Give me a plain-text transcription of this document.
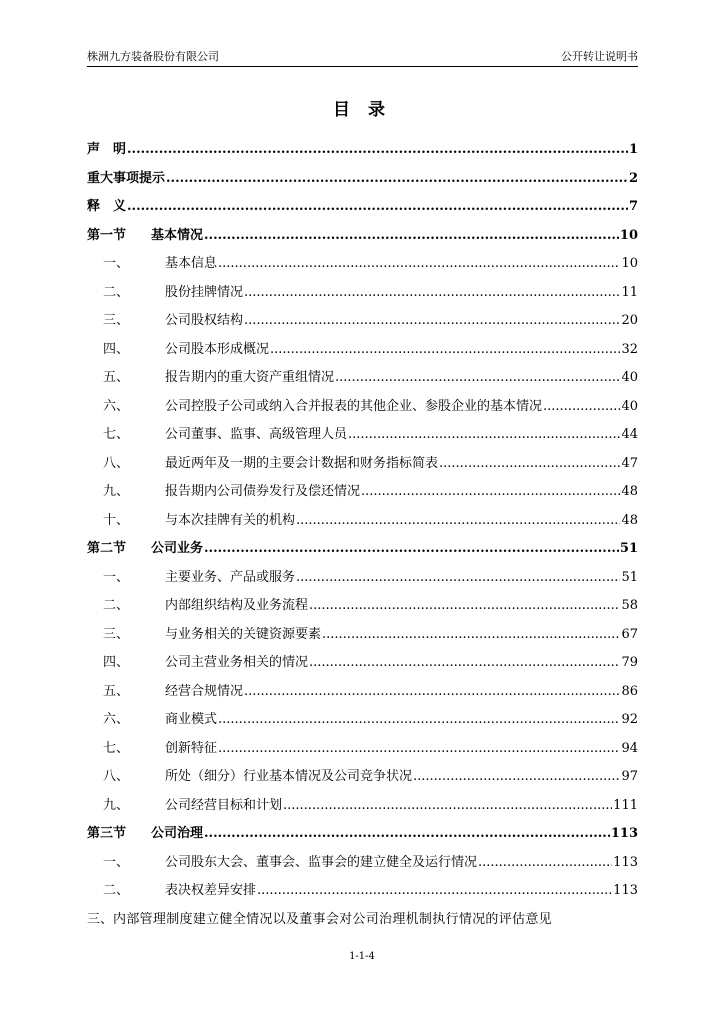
株洲九方装备股份有限公司	公开转让说明书
目 录
声　明 .....	1
重大事项提示 .....	2
释　义 .....	7
第一节	基本情况 .....	10
一、	基本信息 .....	10
二、	股份挂牌情况 .....	11
三、	公司股权结构 .....	20
四、	公司股本形成概况 .....	32
五、	报告期内的重大资产重组情况 .....	40
六、	公司控股子公司或纳入合并报表的其他企业、参股企业的基本情况 .....	40
七、	公司董事、监事、高级管理人员 .....	44
八、	最近两年及一期的主要会计数据和财务指标简表 .....	47
九、	报告期内公司债券发行及偿还情况 .....	48
十、	与本次挂牌有关的机构 .....	48
第二节	公司业务 .....	51
一、	主要业务、产品或服务 .....	51
二、	内部组织结构及业务流程 .....	58
三、	与业务相关的关键资源要素 .....	67
四、	公司主营业务相关的情况 .....	79
五、	经营合规情况 .....	86
六、	商业模式 .....	92
七、	创新特征 .....	94
八、	所处（细分）行业基本情况及公司竞争状况 .....	97
九、	公司经营目标和计划 .....	111
第三节	公司治理 .....	113
一、	公司股东大会、董事会、监事会的建立健全及运行情况 .....	113
二、	表决权差异安排 .....	113
三、 内部管理制度建立健全情况以及董事会对公司治理机制执行情况的评估意见
1-1-4
